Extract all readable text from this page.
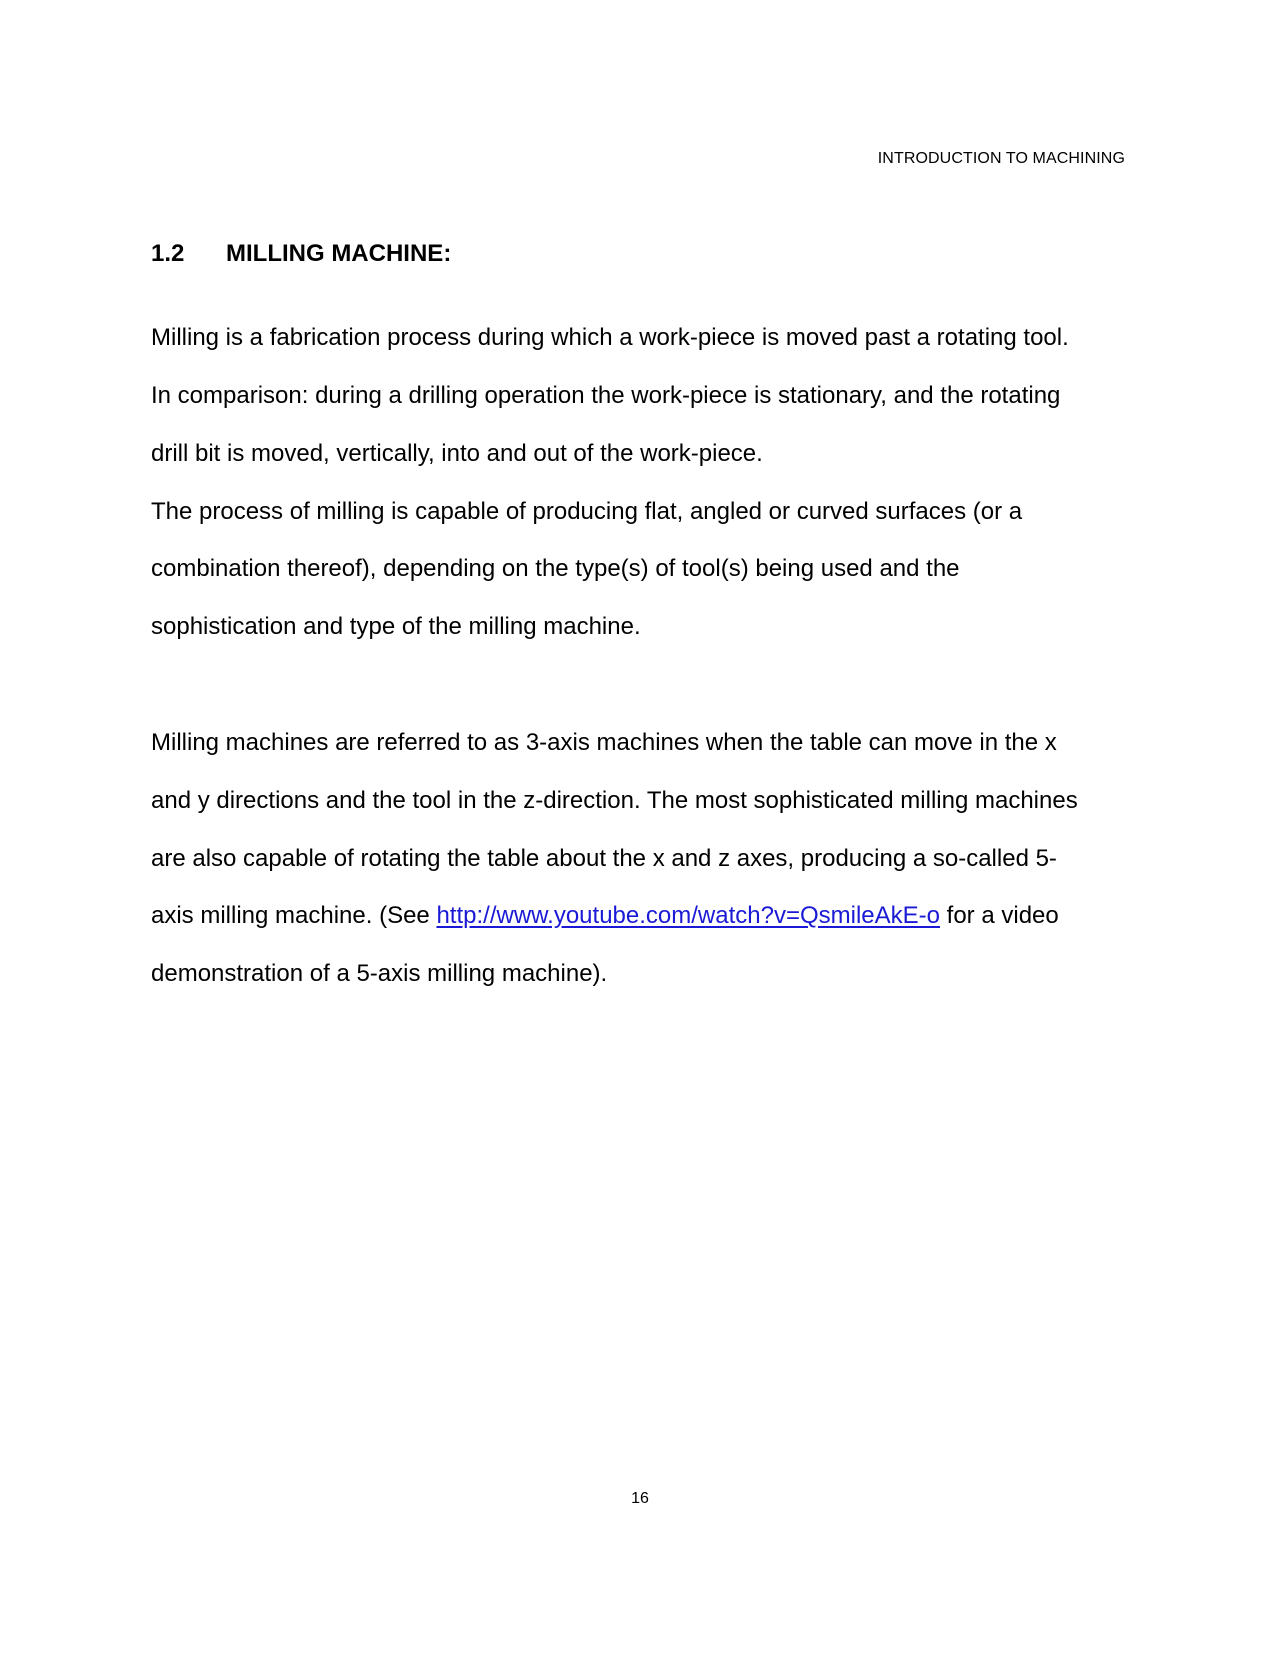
INTRODUCTION TO MACHINING
1.2 MILLING MACHINE:
Milling is a fabrication process during which a work-piece is moved past a rotating tool.
In comparison: during a drilling operation the work-piece is stationary, and the rotating
drill bit is moved, vertically, into and out of the work-piece.
The process of milling is capable of producing flat, angled or curved surfaces (or a
combination thereof), depending on the type(s) of tool(s) being used and the
sophistication and type of the milling machine.
Milling machines are referred to as 3-axis machines when the table can move in the x
and y directions and the tool in the z-direction. The most sophisticated milling machines
are also capable of rotating the table about the x and z axes, producing a so-called 5-
axis milling machine. (See http://www.youtube.com/watch?v=QsmileAkE-o for a video
demonstration of a 5-axis milling machine).
16
